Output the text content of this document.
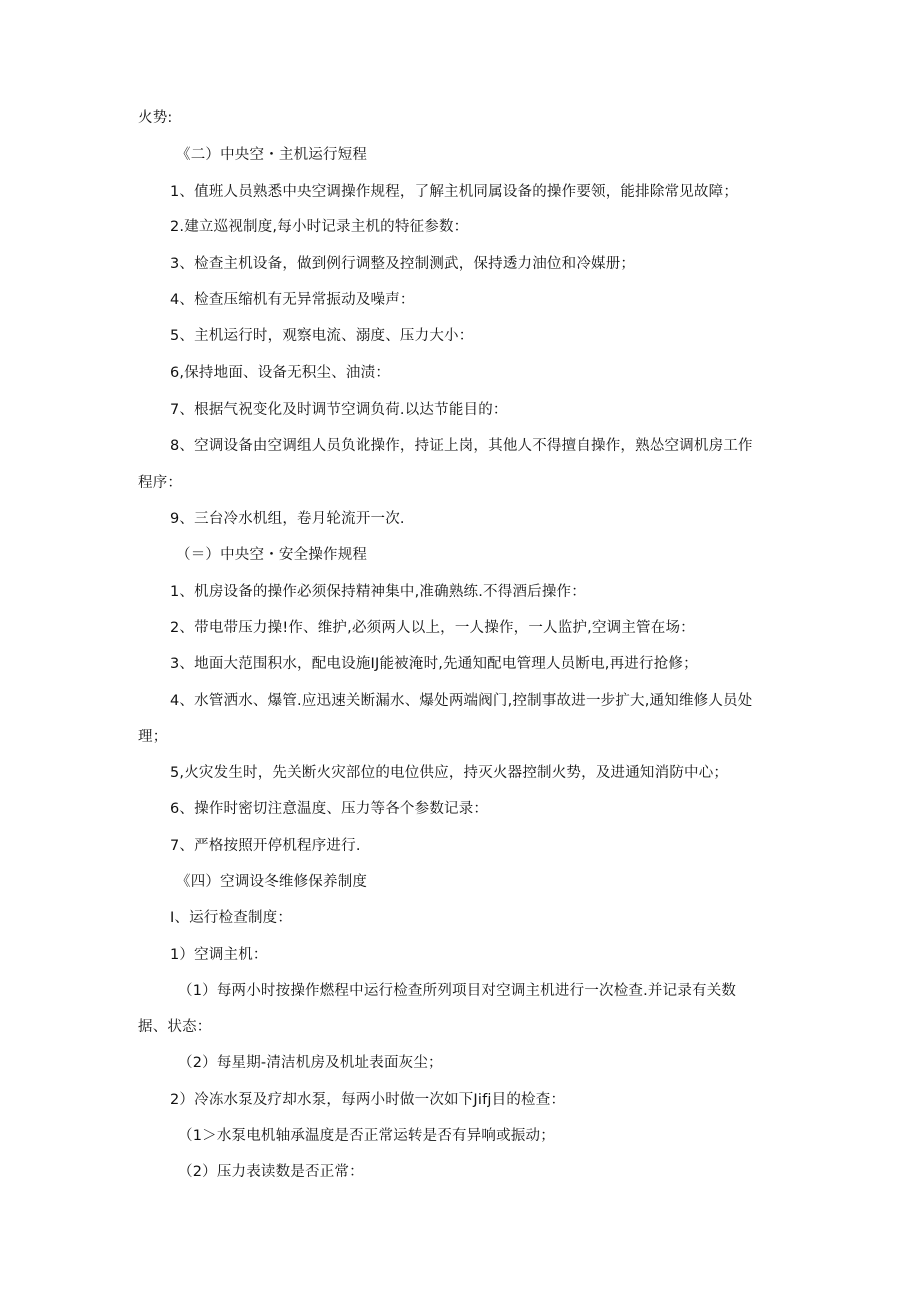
火势:
《二）中央空・主机运行短程
1、值班人员熟悉中央空调操作规程，了解主机同属设备的操作要领，能排除常见故障；
2.建立巡视制度,每小时记录主机的特征参数：
3、检查主机设备，做到例行调整及控制测武，保持透力油位和冷媒册；
4、检查压缩机有无异常振动及噪声：
5、主机运行时，观察电流、溺度、压力大小：
6,保持地面、设备无积尘、油渍：
7、根据气祝变化及时调节空调负荷.以达节能目的：
8、空调设备由空调组人员负讹操作，持证上岗，其他人不得擅自操作，熟怂空调机房工作
程序：
9、三台冷水机组，卷月轮流开一次.
（＝）中央空・安全操作规程
1、机房设备的操作必须保持精神集中,准确熟练.不得酒后操作：
2、带电带压力操!作、维护,必须两人以上，一人操作，一人监护,空调主管在场：
3、地面大范围积水，配电设施IJ能被淹时,先通知配电管理人员断电,再进行抢修；
4、水管洒水、爆管.应迅速关断漏水、爆处两端阀门,控制事故进一步扩大,通知维修人员处
理；
5,火灾发生时，先关断火灾部位的电位供应，持灭火器控制火势，及进通知消防中心；
6、操作时密切注意温度、压力等各个参数记录：
7、严格按照开停机程序进行.
《四）空调设冬维修保养制度
I、运行检查制度：
1）空调主机：
（1）每两小时按操作燃程中运行检查所列项目对空调主机进行一次检查.并记录有关数
据、状态：
（2）每星期-清洁机房及机址表面灰尘；
2）冷冻水泵及疗却水泵，每两小时做一次如下Jifj目的检查：
（1＞水泵电机轴承温度是否正常运转是否有异响或振动；
（2）压力表读数是否正常：
